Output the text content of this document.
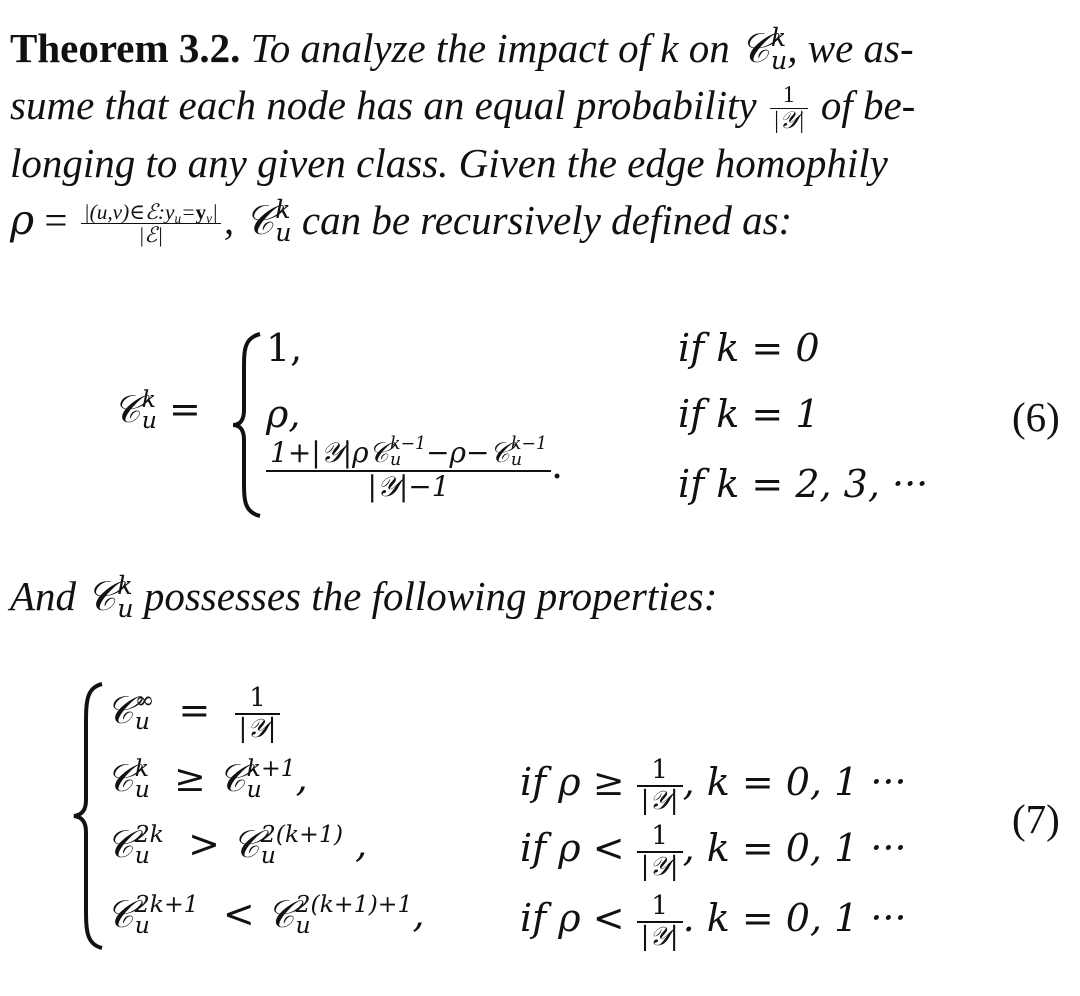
Theorem 3.2. To analyze the impact of k on 𝒞 k
u , we as-
sume that each node has an equal probability $\frac{1}{\text{|𝒴|}}$ of be-
longing to any given class. Given the edge homophily
$\rho = \frac{|(u,v)\in ℰ:y_u=y_v|}{\text{|ℰ|}}$ , 𝒞 k
u can be recursively defined as:
𝒞 k
u =
1,	if k = 0
ρ,	if k = 1
1+|𝒴|ρ𝒞 k−1
u −ρ−𝒞 k−1
u
|𝒴|−1 .	if k = 2, 3, ···
(6)
And 𝒞 k
u possesses the following properties:
𝒞 ∞
$u = \frac{1}{\text{|𝒴|}}$
𝒞 k
u ≥ 𝒞 k+1
u ,	if $\rho \ge \frac{1}{\text{|𝒴|}}$ , k = 0, 1 ···
𝒞 2k
u > 𝒞 2(k+1)
u	,	if $\rho < \frac{1}{\text{|𝒴|}}$ , k = 0, 1 ···
𝒞 2k+1
u	< 𝒞 2(k+1)+1
u	,	if $\rho < \frac{1}{\text{|𝒴|}}$ . k = 0, 1 ···
(7)
